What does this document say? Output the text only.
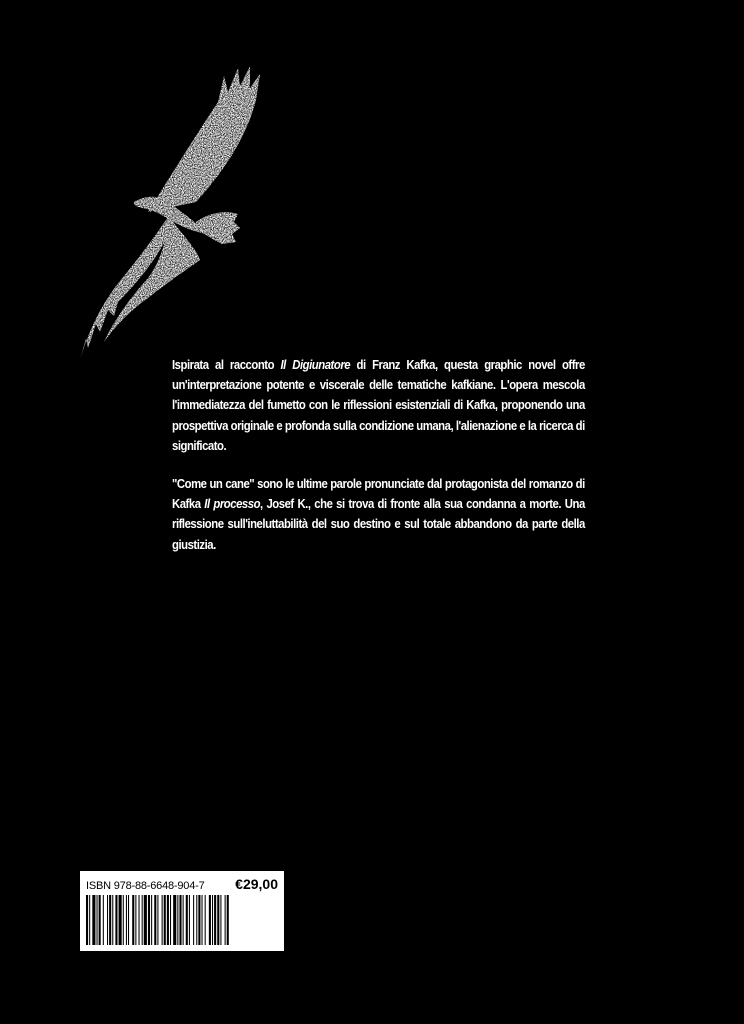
Ispirata al racconto Il Digiunatore di Franz Kafka, questa graphic novel offre un'interpretazione potente e viscerale delle tematiche kafkiane. L'opera mescola l'immediatezza del fumetto con le riflessioni esistenziali di Kafka, proponendo una prospettiva originale e profonda sulla condizione umana, l'alienazione e la ricerca di significato.

"Come un cane" sono le ultime parole pronunciate dal protagonista del romanzo di Kafka Il processo, Josef K., che si trova di fronte alla sua condanna a morte. Una riflessione sull'ineluttabilità del suo destino e sul totale abbandono da parte della giustizia.

ISBN 978-88-6648-904-7 €29,00
